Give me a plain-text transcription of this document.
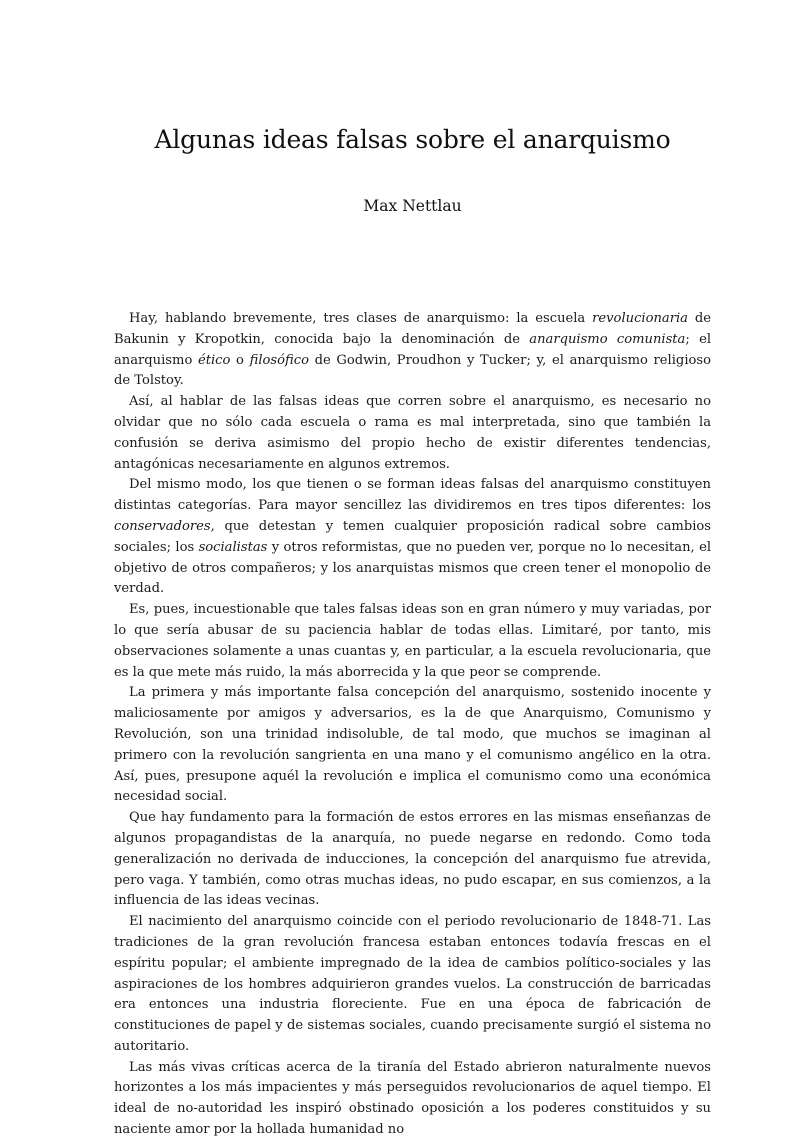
Algunas ideas falsas sobre el anarquismo

Max Nettlau

Hay, hablando brevemente, tres clases de anarquismo: la escuela revolucionaria de Bakunin y Kropotkin, conocida bajo la denominación de anarquismo comunista; el anarquismo ético o filosófico de Godwin, Proudhon y Tucker; y, el anarquismo religioso de Tolstoy.

Así, al hablar de las falsas ideas que corren sobre el anarquismo, es necesario no olvidar que no sólo cada escuela o rama es mal interpretada, sino que también la confusión se deriva asimismo del propio hecho de existir diferentes tendencias, antagónicas necesariamente en algunos extremos.

Del mismo modo, los que tienen o se forman ideas falsas del anarquismo constituyen distintas categorías. Para mayor sencillez las dividiremos en tres tipos diferentes: los conservadores, que detestan y temen cualquier proposición radical sobre cambios sociales; los socialistas y otros reformistas, que no pueden ver, porque no lo necesitan, el objetivo de otros compañeros; y los anarquistas mismos que creen tener el monopolio de verdad.

Es, pues, incuestionable que tales falsas ideas son en gran número y muy variadas, por lo que sería abusar de su paciencia hablar de todas ellas. Limitaré, por tanto, mis observaciones solamente a unas cuantas y, en particular, a la escuela revolucionaria, que es la que mete más ruido, la más aborrecida y la que peor se comprende.

La primera y más importante falsa concepción del anarquismo, sostenido inocente y maliciosamente por amigos y adversarios, es la de que Anarquismo, Comunismo y Revolución, son una trinidad indisoluble, de tal modo, que muchos se imaginan al primero con la revolución sangrienta en una mano y el comunismo angélico en la otra. Así, pues, presupone aquél la revolución e implica el comunismo como una económica necesidad social.

Que hay fundamento para la formación de estos errores en las mismas enseñanzas de algunos propagandistas de la anarquía, no puede negarse en redondo. Como toda generalización no derivada de inducciones, la concepción del anarquismo fue atrevida, pero vaga. Y también, como otras muchas ideas, no pudo escapar, en sus comienzos, a la influencia de las ideas vecinas.

El nacimiento del anarquismo coincide con el periodo revolucionario de 1848-71. Las tradiciones de la gran revolución francesa estaban entonces todavía frescas en el espíritu popular; el ambiente impregnado de la idea de cambios político-sociales y las aspiraciones de los hombres adquirieron grandes vuelos. La construcción de barricadas era entonces una industria floreciente. Fue en una época de fabricación de constituciones de papel y de sistemas sociales, cuando precisamente surgió el sistema no autoritario.

Las más vivas críticas acerca de la tiranía del Estado abrieron naturalmente nuevos horizontes a los más impacientes y más perseguidos revolucionarios de aquel tiempo. El ideal de no-autoridad les inspiró obstinado oposición a los poderes constituidos y su naciente amor por la hollada humanidad no
